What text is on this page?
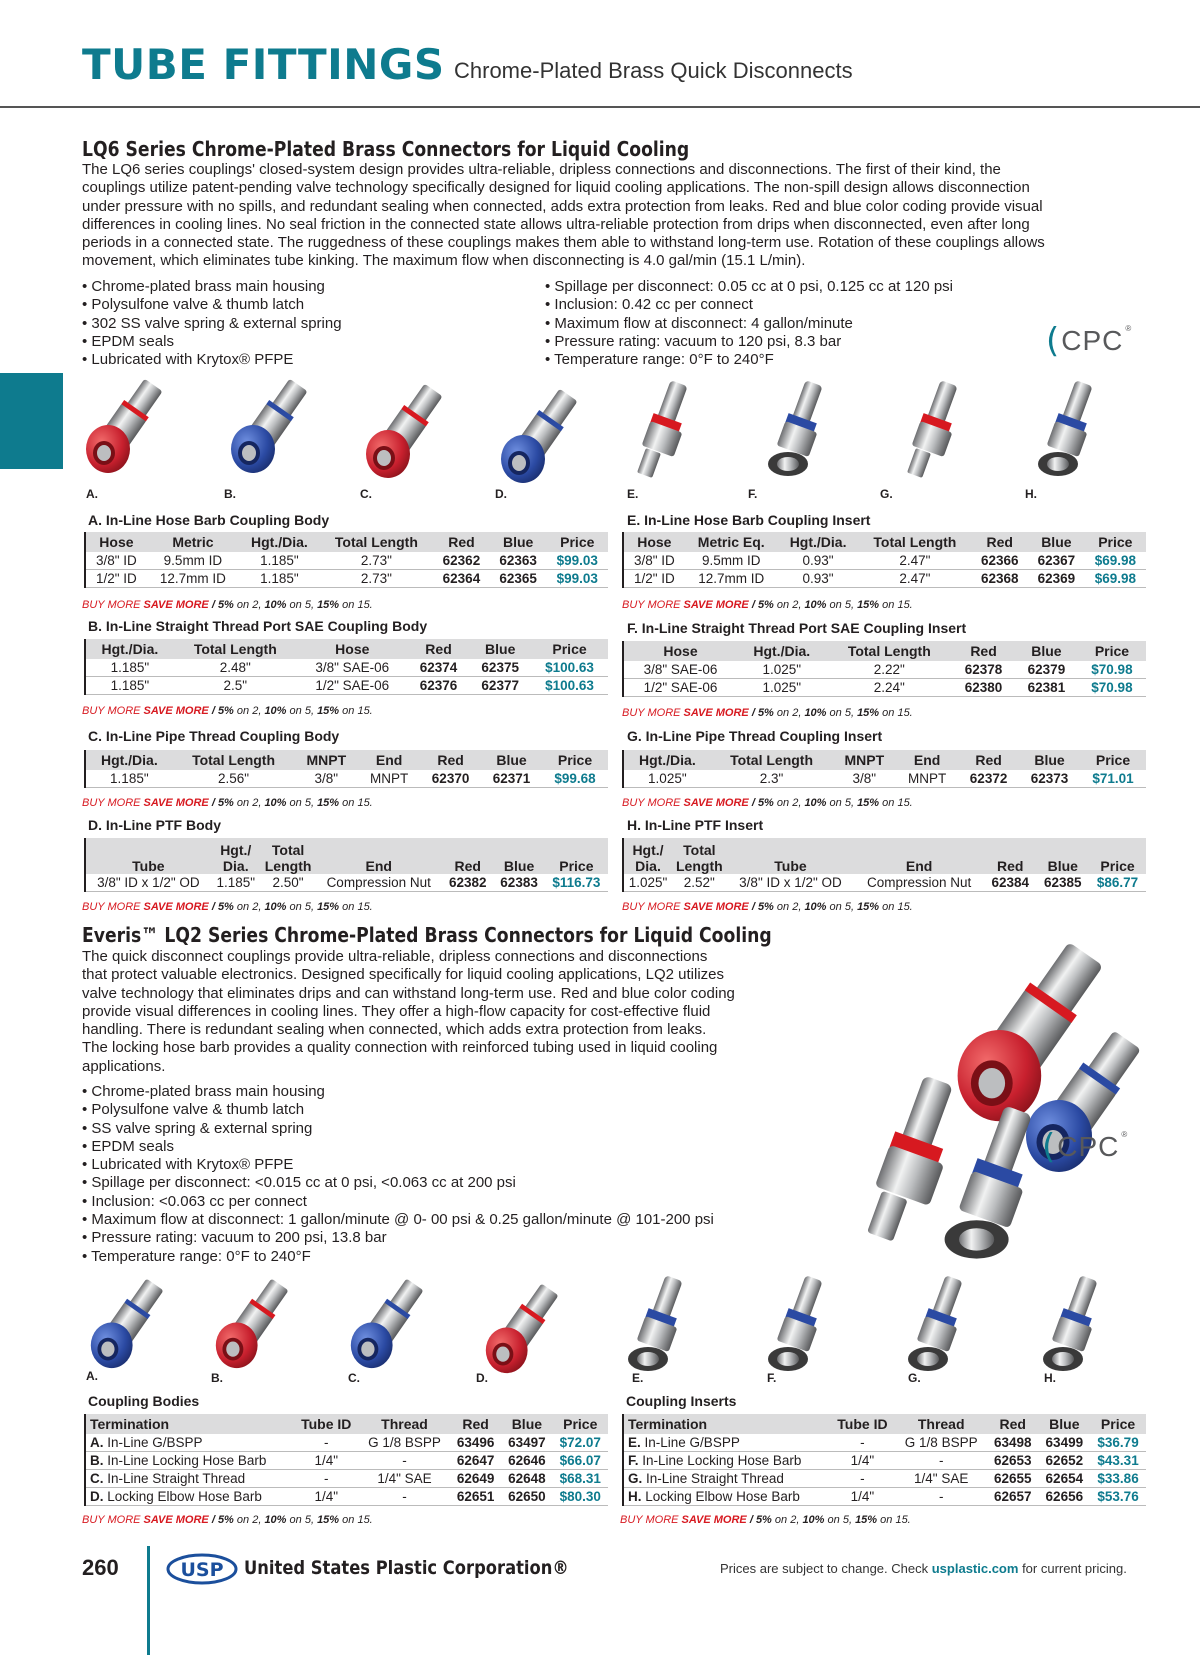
TUBE FITTINGS Chrome-Plated Brass Quick Disconnects
LQ6 Series Chrome-Plated Brass Connectors for Liquid Cooling
The LQ6 series couplings' closed-system design provides ultra-reliable, dripless connections and disconnections. The first of their kind, the
couplings utilize patent-pending valve technology specifically designed for liquid cooling applications. The non-spill design allows disconnection
under pressure with no spills, and redundant sealing when connected, adds extra protection from leaks. Red and blue color coding provide visual
differences in cooling lines. No seal friction in the connected state allows ultra-reliable protection from drips when disconnected, even after long
periods in a connected state. The ruggedness of these couplings makes them able to withstand long-term use. Rotation of these couplings allows
movement, which eliminates tube kinking. The maximum flow when disconnecting is 4.0 gal/min (15.1 L/min).
• Chrome-plated brass main housing
• Polysulfone valve & thumb latch
• 302 SS valve spring & external spring
• EPDM seals
• Lubricated with Krytox® PFPE
• Spillage per disconnect: 0.05 cc at 0 psi, 0.125 cc at 120 psi
• Inclusion: 0.42 cc per connect
• Maximum flow at disconnect: 4 gallon/minute
• Pressure rating: vacuum to 120 psi, 8.3 bar
• Temperature range: 0°F to 240°F	( CPC ®
A.	B.	C.	D.	E.	F.	G.	H.
A. In-Line Hose Barb Coupling Body
Hose	Metric	Hgt./Dia.	Total Length	Red	Blue	Price
3/8" ID	9.5mm ID	1.185"	2.73"	62362	62363	$99.03
1/2" ID	12.7mm ID	1.185"	2.73"	62364	62365	$99.03
BUY MORE SAVE MORE / 5% on 2, 10% on 5, 15% on 15.
E. In-Line Hose Barb Coupling Insert
Hose	Metric Eq.	Hgt./Dia.	Total Length	Red	Blue	Price
3/8" ID	9.5mm ID	0.93"	2.47"	62366	62367	$69.98
1/2" ID	12.7mm ID	0.93"	2.47"	62368	62369	$69.98
BUY MORE SAVE MORE / 5% on 2, 10% on 5, 15% on 15.
B. In-Line Straight Thread Port SAE Coupling Body
Hgt./Dia.	Total Length	Hose	Red	Blue	Price
1.185"	2.48"	3/8" SAE-06	62374	62375	$100.63
1.185"	2.5"	1/2" SAE-06	62376	62377	$100.63
BUY MORE SAVE MORE / 5% on 2, 10% on 5, 15% on 15.
F. In-Line Straight Thread Port SAE Coupling Insert
Hose	Hgt./Dia.	Total Length	Red	Blue	Price
3/8" SAE-06	1.025"	2.22"	62378	62379	$70.98
1/2" SAE-06	1.025"	2.24"	62380	62381	$70.98
BUY MORE SAVE MORE / 5% on 2, 10% on 5, 15% on 15.
C. In-Line Pipe Thread Coupling Body
Hgt./Dia.	Total Length	MNPT	End	Red	Blue	Price
1.185"	2.56"	3/8"	MNPT	62370	62371	$99.68
BUY MORE SAVE MORE / 5% on 2, 10% on 5, 15% on 15.
G. In-Line Pipe Thread Coupling Insert
Hgt./Dia.	Total Length	MNPT	End	Red	Blue	Price
1.025"	2.3"	3/8"	MNPT	62372	62373	$71.01
BUY MORE SAVE MORE / 5% on 2, 10% on 5, 15% on 15.
D. In-Line PTF Body
Tube	Hgt./ Dia.	Total Length	End	Red	Blue	Price
3/8" ID x 1/2" OD	1.185"	2.50"	Compression Nut	62382	62383	$116.73
BUY MORE SAVE MORE / 5% on 2, 10% on 5, 15% on 15.
H. In-Line PTF Insert
Hgt./ Dia.	Total Length	Tube	End	Red	Blue	Price
1.025"	2.52"	3/8" ID x 1/2" OD	Compression Nut	62384	62385	$86.77
BUY MORE SAVE MORE / 5% on 2, 10% on 5, 15% on 15.
Everis™ LQ2 Series Chrome-Plated Brass Connectors for Liquid Cooling
The quick disconnect couplings provide ultra-reliable, dripless connections and disconnections
that protect valuable electronics. Designed specifically for liquid cooling applications, LQ2 utilizes
valve technology that eliminates drips and can withstand long-term use. Red and blue color coding
provide visual differences in cooling lines. They offer a high-flow capacity for cost-effective fluid
handling. There is redundant sealing when connected, which adds extra protection from leaks.
The locking hose barb provides a quality connection with reinforced tubing used in liquid cooling
applications.
• Chrome-plated brass main housing
• Polysulfone valve & thumb latch
• SS valve spring & external spring
• EPDM seals
• Lubricated with Krytox® PFPE
• Spillage per disconnect: <0.015 cc at 0 psi, <0.063 cc at 200 psi
• Inclusion: <0.063 cc per connect
• Maximum flow at disconnect: 1 gallon/minute @ 0- 00 psi & 0.25 gallon/minute @ 101-200 psi
• Pressure rating: vacuum to 200 psi, 13.8 bar
• Temperature range: 0°F to 240°F
( CPC ®
A.	B.	C.	D.	E.	F.	G.	H.
Coupling Bodies
Termination	Tube ID	Thread	Red	Blue	Price
A. In-Line G/BSPP	-	G 1/8 BSPP	63496	63497	$72.07
B. In-Line Locking Hose Barb	1/4"	-	62647	62646	$66.07
C. In-Line Straight Thread	-	1/4" SAE	62649	62648	$68.31
D. Locking Elbow Hose Barb	1/4"	-	62651	62650	$80.30
BUY MORE SAVE MORE / 5% on 2, 10% on 5, 15% on 15.
Coupling Inserts
Termination	Tube ID	Thread	Red	Blue	Price
E. In-Line G/BSPP	-	G 1/8 BSPP	63498	63499	$36.79
F. In-Line Locking Hose Barb	1/4"	-	62653	62652	$43.31
G. In-Line Straight Thread	-	1/4" SAE	62655	62654	$33.86
H. Locking Elbow Hose Barb	1/4"	-	62657	62656	$53.76
BUY MORE SAVE MORE / 5% on 2, 10% on 5, 15% on 15.
260	USP United States Plastic Corporation®	Prices are subject to change. Check usplastic.com for current pricing.
